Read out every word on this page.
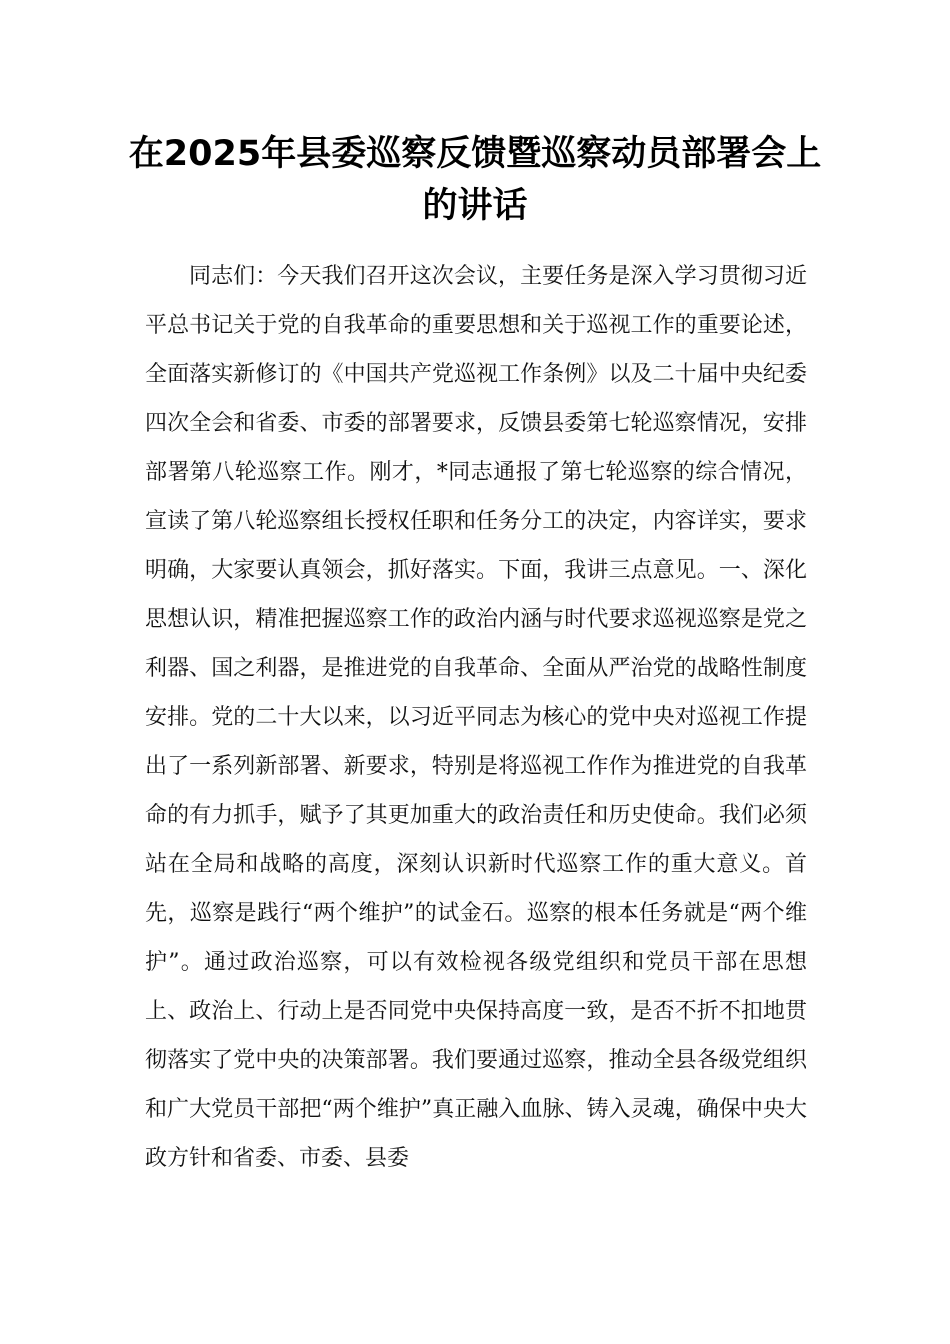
在2025年县委巡察反馈暨巡察动员部署会上的讲话

同志们：今天我们召开这次会议，主要任务是深入学习贯彻习近平总书记关于党的自我革命的重要思想和关于巡视工作的重要论述，全面落实新修订的《中国共产党巡视工作条例》以及二十届中央纪委四次全会和省委、市委的部署要求，反馈县委第七轮巡察情况，安排部署第八轮巡察工作。刚才，*同志通报了第七轮巡察的综合情况，宣读了第八轮巡察组长授权任职和任务分工的决定，内容详实，要求明确，大家要认真领会，抓好落实。下面，我讲三点意见。一、深化思想认识，精准把握巡察工作的政治内涵与时代要求巡视巡察是党之利器、国之利器，是推进党的自我革命、全面从严治党的战略性制度安排。党的二十大以来，以习近平同志为核心的党中央对巡视工作提出了一系列新部署、新要求，特别是将巡视工作作为推进党的自我革命的有力抓手，赋予了其更加重大的政治责任和历史使命。我们必须站在全局和战略的高度，深刻认识新时代巡察工作的重大意义。首先，巡察是践行“两个维护”的试金石。巡察的根本任务就是“两个维护”。通过政治巡察，可以有效检视各级党组织和党员干部在思想上、政治上、行动上是否同党中央保持高度一致，是否不折不扣地贯彻落实了党中央的决策部署。我们要通过巡察，推动全县各级党组织和广大党员干部把“两个维护”真正融入血脉、铸入灵魂，确保中央大政方针和省委、市委、县委
